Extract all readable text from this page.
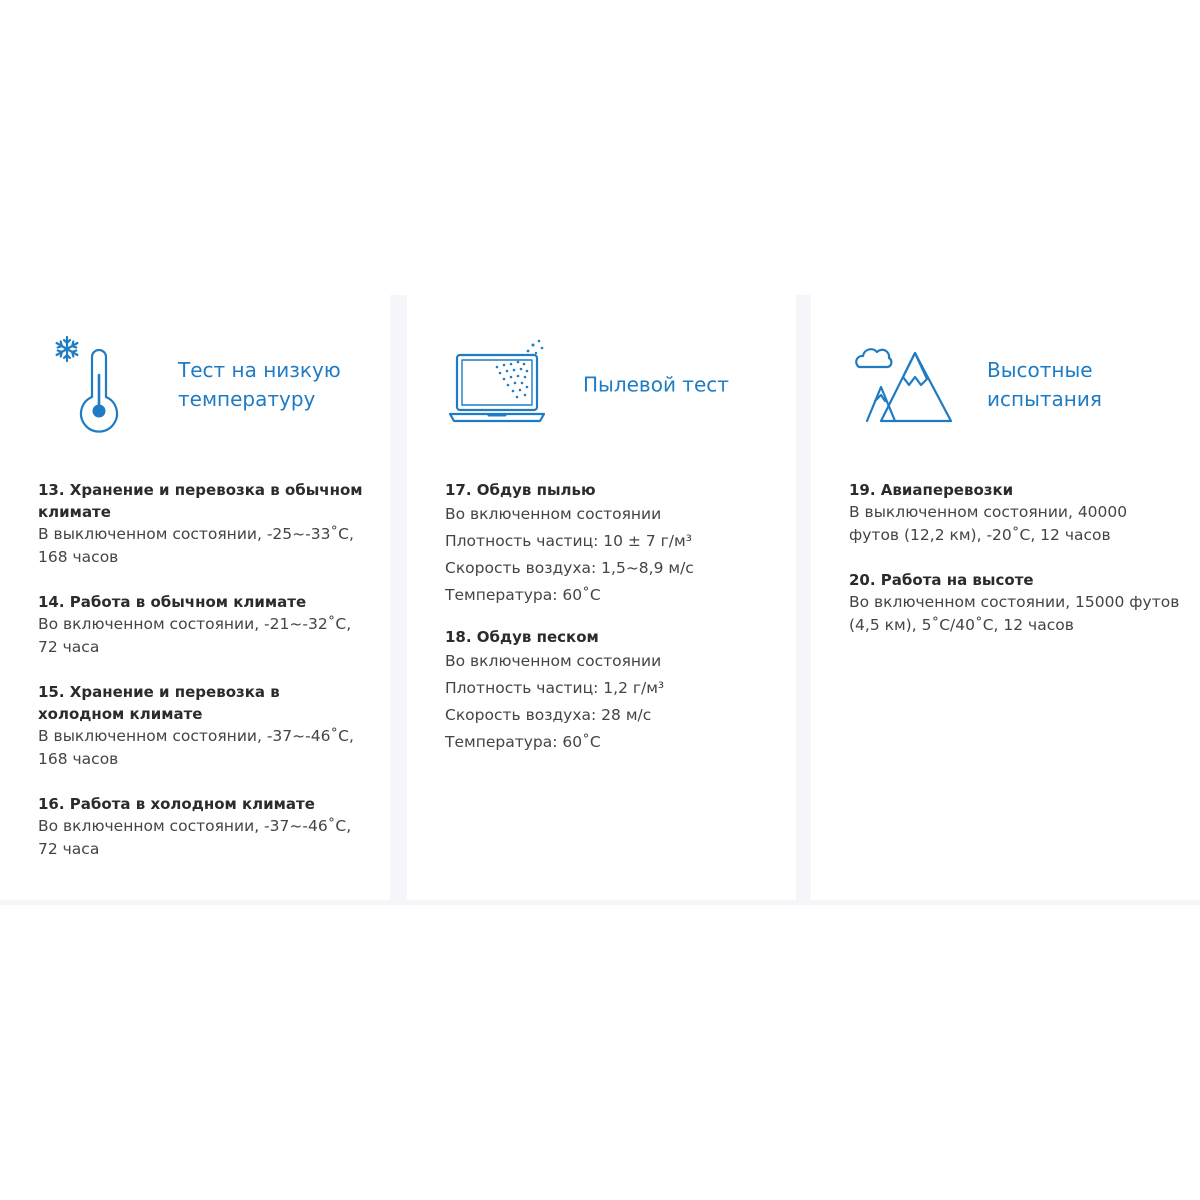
Тест на низкую температуру

13. Хранение и перевозка в обычном климате

В выключенном состоянии, -25~-33˚C, 168 часов

14. Работа в обычном климате

Во включенном состоянии, -21~-32˚C, 72 часа

15. Хранение и перевозка в холодном климате

В выключенном состоянии, -37~-46˚C, 168 часов

16. Работа в холодном климате

Во включенном состоянии, -37~-46˚C, 72 часа

Пылевой тест

17. Обдув пылью

Во включенном состоянии

Плотность частиц: 10 ± 7 г/м³

Скорость воздуха: 1,5~8,9 м/с

Температура: 60˚C

18. Обдув песком

Во включенном состоянии

Плотность частиц: 1,2 г/м³

Скорость воздуха: 28 м/с

Температура: 60˚C

Высотные испытания

19. Авиаперевозки

В выключенном состоянии, 40000 футов (12,2 км), -20˚C, 12 часов

20. Работа на высоте

Во включенном состоянии, 15000 футов (4,5 км), 5˚C/40˚C, 12 часов
